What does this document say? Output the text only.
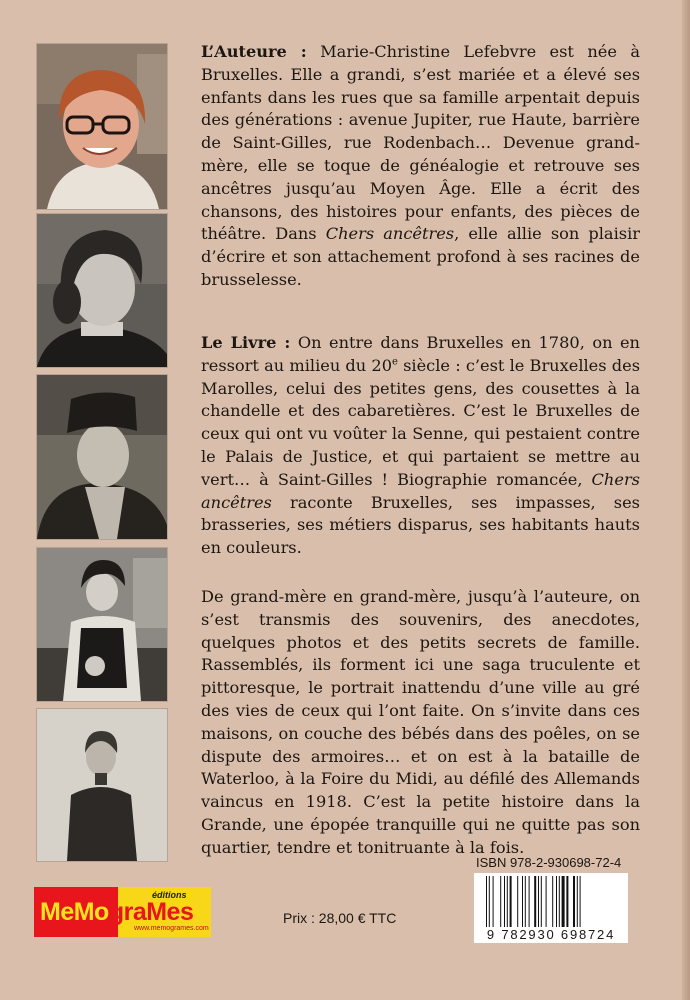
L’Auteure : Marie-Christine Lefebvre est née à Bruxelles. Elle a grandi, s’est mariée et a élevé ses enfants dans les rues que sa famille arpentait depuis des générations : avenue Jupiter, rue Haute, barrière de Saint-Gilles, rue Rodenbach… Devenue grand-mère, elle se toque de généalogie et retrouve ses ancêtres jusqu’au Moyen Âge. Elle a écrit des chansons, des histoires pour enfants, des pièces de théâtre. Dans Chers ancêtres, elle allie son plaisir d’écrire et son attachement profond à ses racines de brusselesse.

Le Livre : On entre dans Bruxelles en 1780, on en ressort au milieu du 20e siècle : c’est le Bruxelles des Marolles, celui des petites gens, des cousettes à la chandelle et des cabaretières. C’est le Bruxelles de ceux qui ont vu voûter la Senne, qui pestaient contre le Palais de Justice, et qui partaient se mettre au vert… à Saint-Gilles ! Biographie romancée, Chers ancêtres raconte Bruxelles, ses impasses, ses brasseries, ses métiers disparus, ses habitants hauts en couleurs.

De grand-mère en grand-mère, jusqu’à l’auteure, on s’est transmis des souvenirs, des anecdotes, quelques photos et des petits secrets de famille. Rassemblés, ils forment ici une saga truculente et pittoresque, le portrait inattendu d’une ville au gré des vies de ceux qui l’ont faite. On s’invite dans ces maisons, on couche des bébés dans des poêles, on se dispute des armoires… et on est à la bataille de Waterloo, à la Foire du Midi, au défilé des Allemands vaincus en 1918. C’est la petite histoire dans la Grande, une épopée tranquille qui ne quitte pas son quartier, tendre et tonitruante à la fois.

ISBN 978-2-930698-72-4
9 782930 698724
Prix : 28,00 € TTC
éditions
MeMograMes
www.memogrames.com
